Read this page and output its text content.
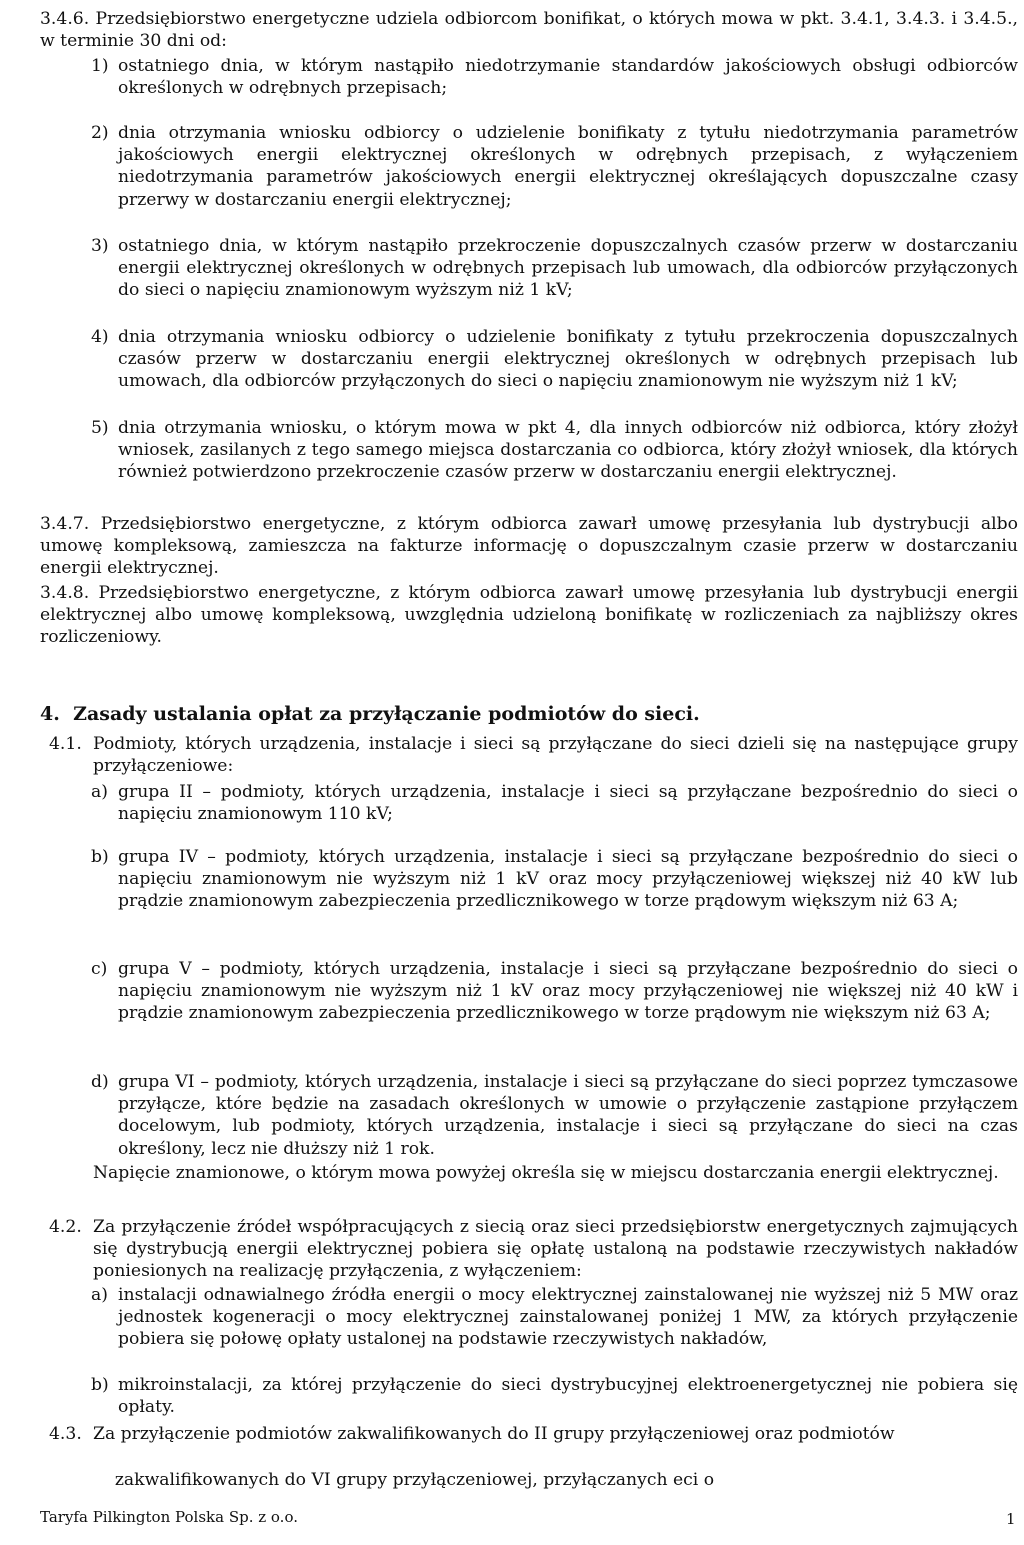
3.4.6. Przedsiębiorstwo energetyczne udziela odbiorcom bonifikat, o których mowa w pkt. 3.4.1, 3.4.3. i 3.4.5., w terminie 30 dni od:
1) ostatniego dnia, w którym nastąpiło niedotrzymanie standardów jakościowych obsługi odbiorców określonych w odrębnych przepisach;
2) dnia otrzymania wniosku odbiorcy o udzielenie bonifikaty z tytułu niedotrzymania parametrów jakościowych energii elektrycznej określonych w odrębnych przepisach, z wyłączeniem niedotrzymania parametrów jakościowych energii elektrycznej określających dopuszczalne czasy przerwy w dostarczaniu energii elektrycznej;
3) ostatniego dnia, w którym nastąpiło przekroczenie dopuszczalnych czasów przerw w dostarczaniu energii elektrycznej określonych w odrębnych przepisach lub umowach, dla odbiorców przyłączonych do sieci o napięciu znamionowym wyższym niż 1 kV;
4) dnia otrzymania wniosku odbiorcy o udzielenie bonifikaty z tytułu przekroczenia dopuszczalnych czasów przerw w dostarczaniu energii elektrycznej określonych w odrębnych przepisach lub umowach, dla odbiorców przyłączonych do sieci o napięciu znamionowym nie wyższym niż 1 kV;
5) dnia otrzymania wniosku, o którym mowa w pkt 4, dla innych odbiorców niż odbiorca, który złożył wniosek, zasilanych z tego samego miejsca dostarczania co odbiorca, który złożył wniosek, dla których również potwierdzono przekroczenie czasów przerw w dostarczaniu energii elektrycznej.
3.4.7. Przedsiębiorstwo energetyczne, z którym odbiorca zawarł umowę przesyłania lub dystrybucji albo umowę kompleksową, zamieszcza na fakturze informację o dopuszczalnym czasie przerw w dostarczaniu energii elektrycznej.
3.4.8. Przedsiębiorstwo energetyczne, z którym odbiorca zawarł umowę przesyłania lub dystrybucji energii elektrycznej albo umowę kompleksową, uwzględnia udzieloną bonifikatę w rozliczeniach za najbliższy okres rozliczeniowy.
4. Zasady ustalania opłat za przyłączanie podmiotów do sieci.
4.1. Podmioty, których urządzenia, instalacje i sieci są przyłączane do sieci dzieli się na następujące grupy przyłączeniowe:
a) grupa II – podmioty, których urządzenia, instalacje i sieci są przyłączane bezpośrednio do sieci o napięciu znamionowym 110 kV;
b) grupa IV – podmioty, których urządzenia, instalacje i sieci są przyłączane bezpośrednio do sieci o napięciu znamionowym nie wyższym niż 1 kV oraz mocy przyłączeniowej większej niż 40 kW lub prądzie znamionowym zabezpieczenia przedlicznikowego w torze prądowym większym niż 63 A;
c) grupa V – podmioty, których urządzenia, instalacje i sieci są przyłączane bezpośrednio do sieci o napięciu znamionowym nie wyższym niż 1 kV oraz mocy przyłączeniowej nie większej niż 40 kW i prądzie znamionowym zabezpieczenia przedlicznikowego w torze prądowym nie większym niż 63 A;
d) grupa VI – podmioty, których urządzenia, instalacje i sieci są przyłączane do sieci poprzez tymczasowe przyłącze, które będzie na zasadach określonych w umowie o przyłączenie zastąpione przyłączem docelowym, lub podmioty, których urządzenia, instalacje i sieci są przyłączane do sieci na czas określony, lecz nie dłuższy niż 1 rok.
Napięcie znamionowe, o którym mowa powyżej określa się w miejscu dostarczania energii elektrycznej.
4.2. Za przyłączenie źródeł współpracujących z siecią oraz sieci przedsiębiorstw energetycznych zajmujących się dystrybucją energii elektrycznej pobiera się opłatę ustaloną na podstawie rzeczywistych nakładów poniesionych na realizację przyłączenia, z wyłączeniem:
a) instalacji odnawialnego źródła energii o mocy elektrycznej zainstalowanej nie wyższej niż 5 MW oraz jednostek kogeneracji o mocy elektrycznej zainstalowanej poniżej 1 MW, za których przyłączenie pobiera się połowę opłaty ustalonej na podstawie rzeczywistych nakładów,
b) mikroinstalacji, za której przyłączenie do sieci dystrybucyjnej elektroenergetycznej nie pobiera się opłaty.
4.3. Za przyłączenie podmiotów zakwalifikowanych do II grupy przyłączeniowej oraz podmiotów

zakwalifikowanych do VI grupy przyłączeniowej, przyłączanych eci o

Taryfa Pilkington Polska Sp. z o.o.	1
